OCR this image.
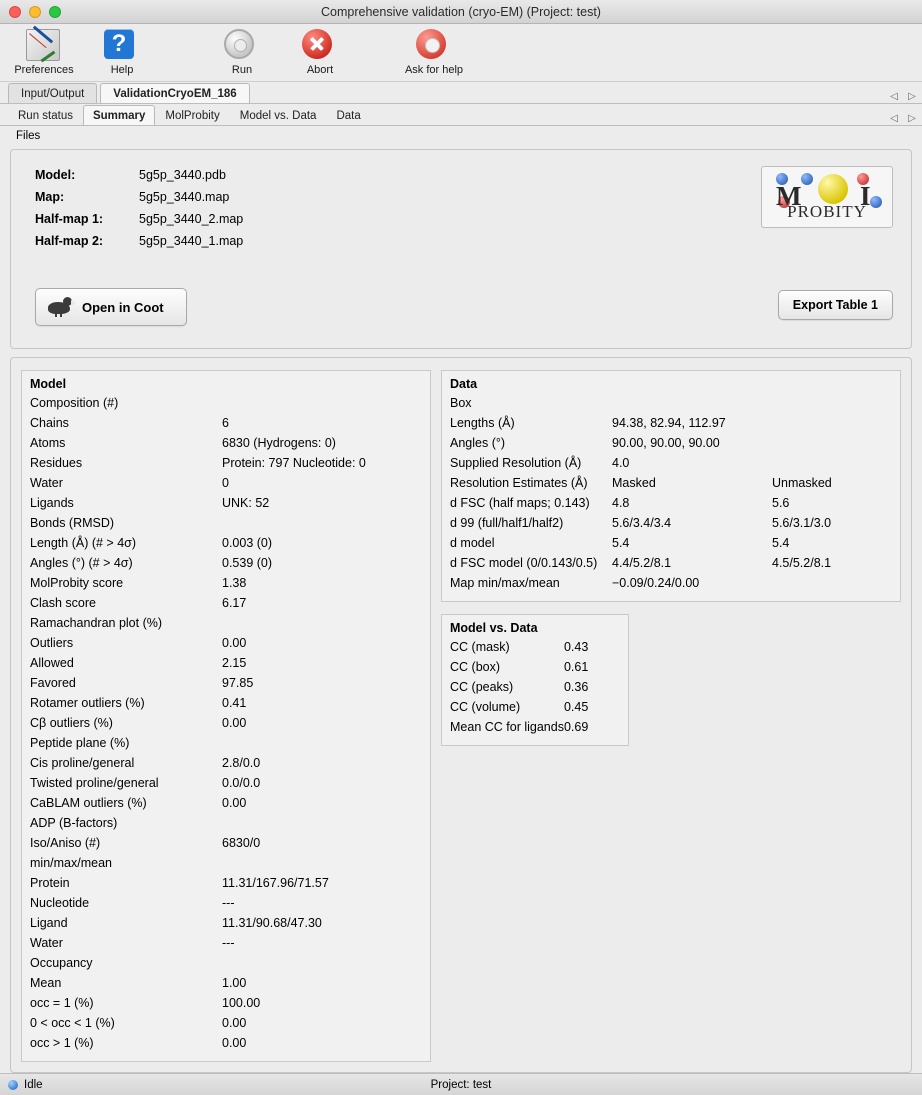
Comprehensive validation (cryo-EM) (Project: test)
Preferences
?
Help	Run	Abort	Ask for help
Input/Output	ValidationCryoEM_186	◁ ▷
Run status	Summary	MolProbity	Model vs. Data	Data	◁ ▷
Files
Model:	5g5p_3440.pdb
Map:	5g5p_3440.map
Half-map 1:	5g5p_3440_2.map
Half-map 2:	5g5p_3440_1.map
M I
PROBITY
Open in Coot	Export Table 1
Model
Composition (#)	
Chains	6
Atoms	6830 (Hydrogens: 0)
Residues	Protein: 797 Nucleotide: 0
Water	0
Ligands	UNK: 52
Bonds (RMSD)	
Length (Å) (# > 4σ)	0.003 (0)
Angles (°) (# > 4σ)	0.539 (0)
MolProbity score	1.38
Clash score	6.17
Ramachandran plot (%)	
Outliers	0.00
Allowed	2.15
Favored	97.85
Rotamer outliers (%)	0.41
Cβ outliers (%)	0.00
Peptide plane (%)	
Cis proline/general	2.8/0.0
Twisted proline/general	0.0/0.0
CaBLAM outliers (%)	0.00
ADP (B-factors)	
Iso/Aniso (#)	6830/0
min/max/mean	
Protein	11.31/167.96/71.57
Nucleotide	---
Ligand	11.31/90.68/47.30
Water	---
Occupancy	
Mean	1.00
occ = 1 (%)	100.00
0 < occ < 1 (%)	0.00
occ > 1 (%)	0.00
Data
Box		
Lengths (Å)	94.38, 82.94, 112.97	
Angles (°)	90.00, 90.00, 90.00	
Supplied Resolution (Å)	4.0	
Resolution Estimates (Å)	Masked	Unmasked
d FSC (half maps; 0.143)	4.8	5.6
d 99 (full/half1/half2)	5.6/3.4/3.4	5.6/3.1/3.0
d model	5.4	5.4
d FSC model (0/0.143/0.5)	4.4/5.2/8.1	4.5/5.2/8.1
Map min/max/mean	−0.09/0.24/0.00	
Model vs. Data
CC (mask)	0.43
CC (box)	0.61
CC (peaks)	0.36
CC (volume)	0.45
Mean CC for ligands	0.69
Idle	Project: test
